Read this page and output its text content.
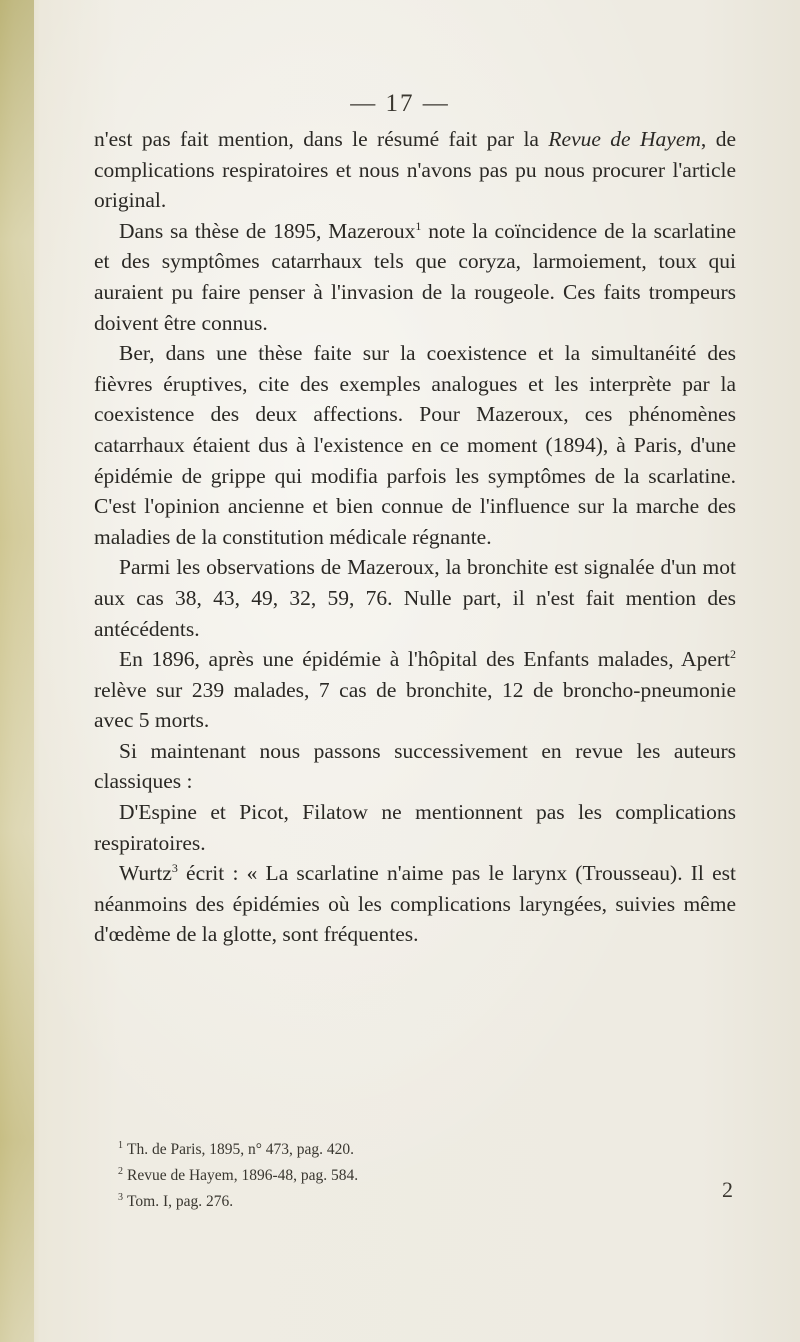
— 17 —

n'est pas fait mention, dans le résumé fait par la Revue de Hayem, de complications respiratoires et nous n'avons pas pu nous procurer l'article original.

Dans sa thèse de 1895, Mazeroux$^1$ note la coïncidence de la scarlatine et des symptômes catarrhaux tels que coryza, larmoiement, toux qui auraient pu faire penser à l'invasion de la rougeole. Ces faits trompeurs doivent être connus.

Ber, dans une thèse faite sur la coexistence et la simultanéité des fièvres éruptives, cite des exemples analogues et les interprète par la coexistence des deux affections. Pour Mazeroux, ces phénomènes catarrhaux étaient dus à l'existence en ce moment (1894), à Paris, d'une épidémie de grippe qui modifia parfois les symptômes de la scarlatine. C'est l'opinion ancienne et bien connue de l'influence sur la marche des maladies de la constitution médicale régnante.

Parmi les observations de Mazeroux, la bronchite est signalée d'un mot aux cas 38, 43, 49, 32, 59, 76. Nulle part, il n'est fait mention des antécédents.

En 1896, après une épidémie à l'hôpital des Enfants malades, Apert$^2$ relève sur 239 malades, 7 cas de bronchite, 12 de broncho-pneumonie avec 5 morts.

Si maintenant nous passons successivement en revue les auteurs classiques :

D'Espine et Picot, Filatow ne mentionnent pas les complications respiratoires.

Wurtz$^3$ écrit : « La scarlatine n'aime pas le larynx (Trousseau). Il est néanmoins des épidémies où les complications laryngées, suivies même d'œdème de la glotte, sont fréquentes.

$^1$ Th. de Paris, 1895, n° 473, pag. 420.

$^2$ Revue de Hayem, 1896-48, pag. 584.

$^3$ Tom. I, pag. 276.	2
